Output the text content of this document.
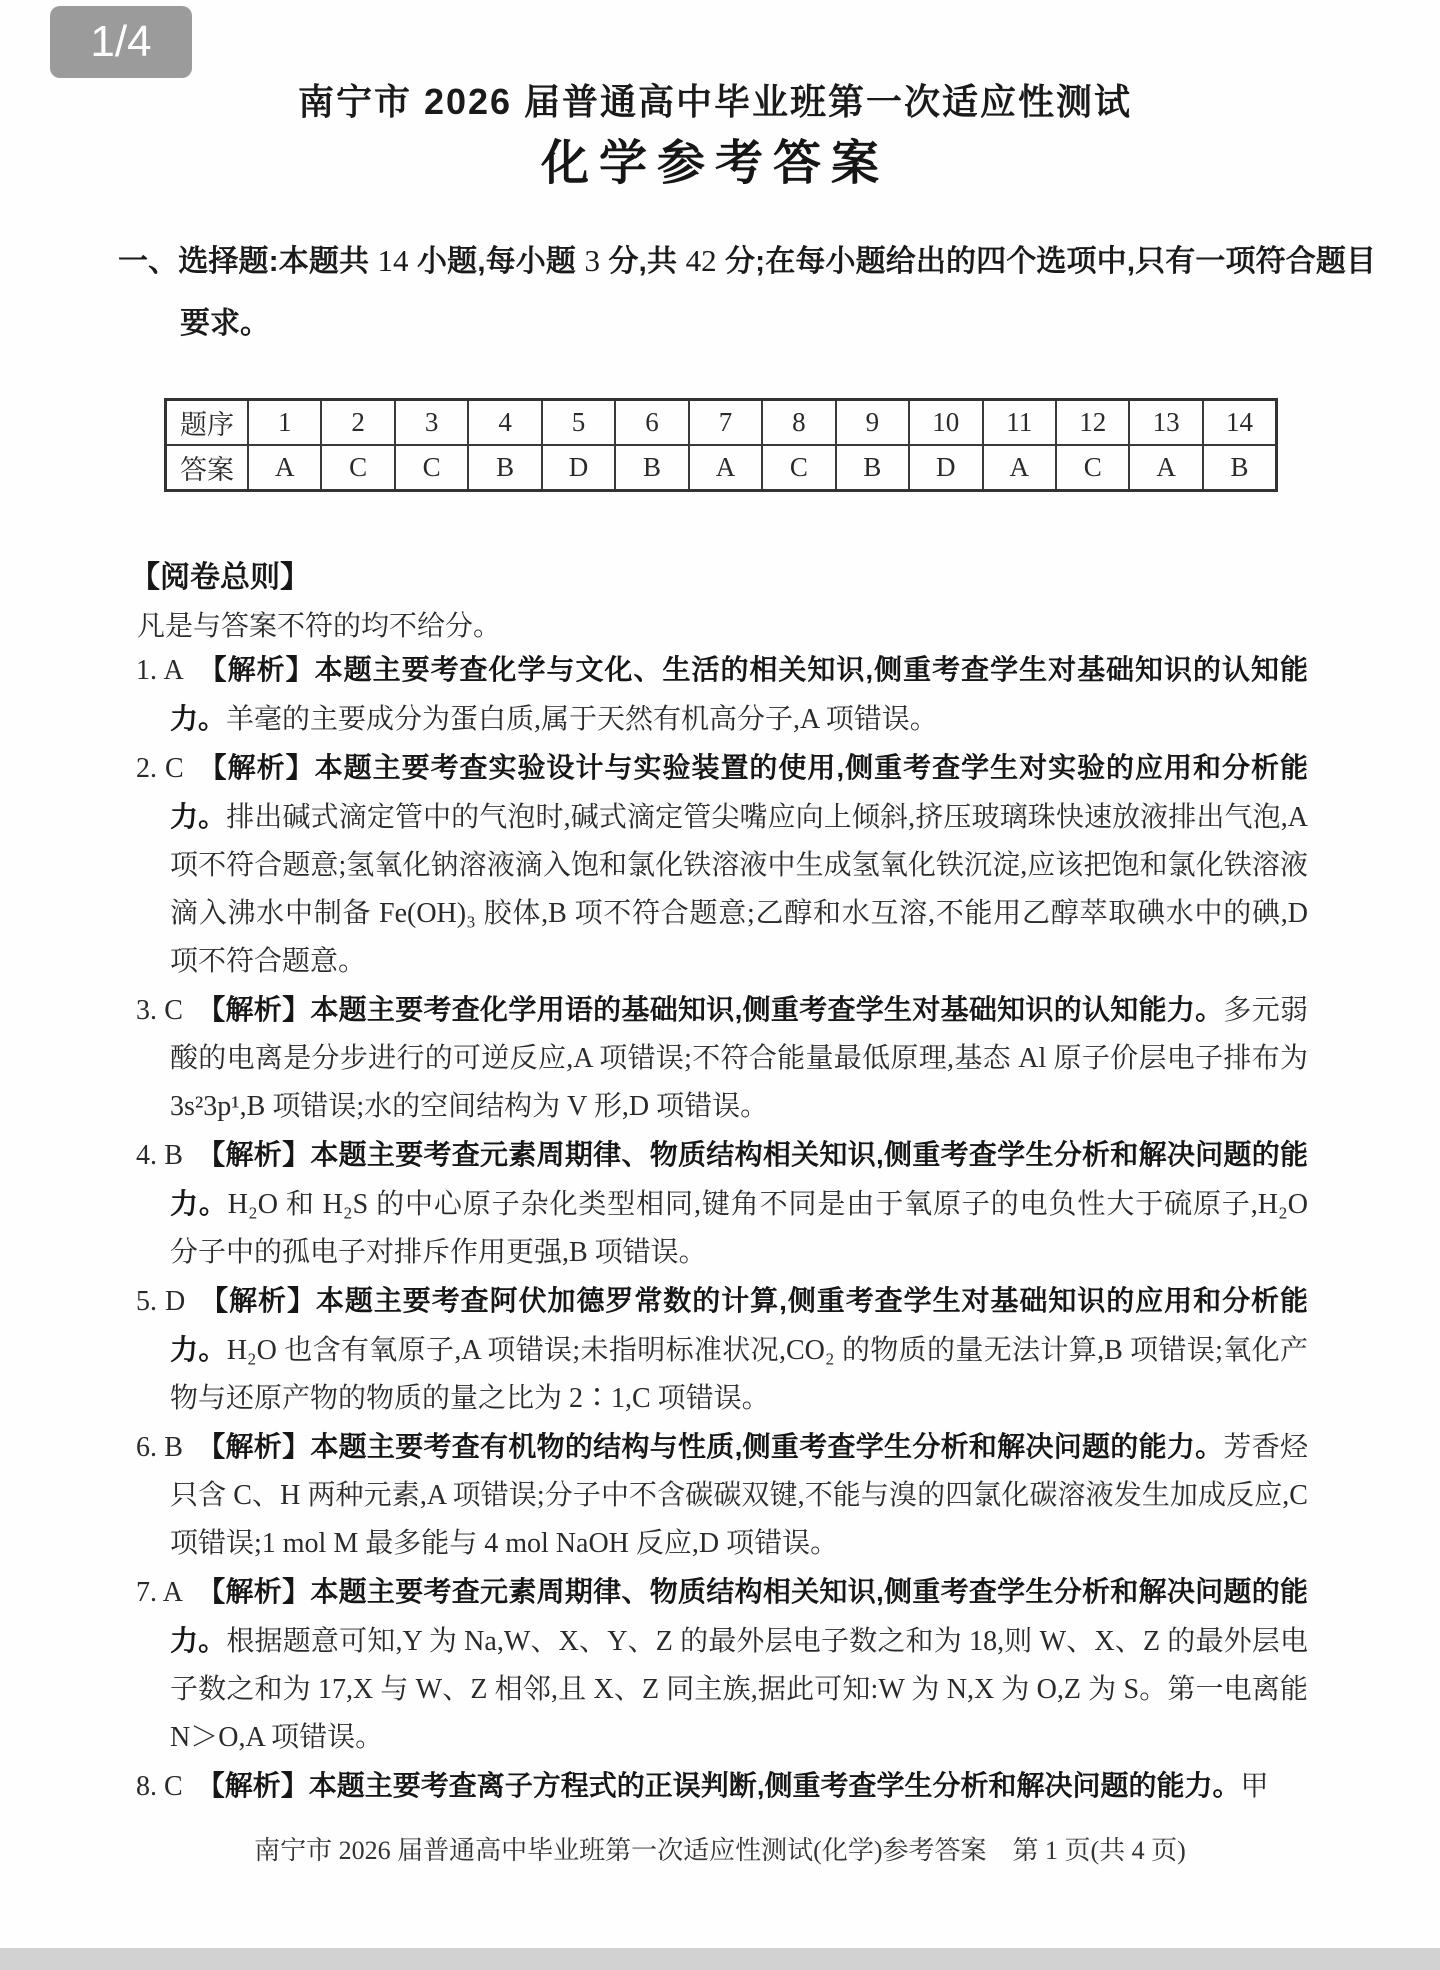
1/4
南宁市 2026 届普通高中毕业班第一次适应性测试
化学参考答案

一、选择题:本题共 14 小题,每小题 3 分,共 42 分;在每小题给出的四个选项中,只有一项符合题目要求。

题序	1	2	3	4	5	6	7	8	9	10	11	12	13	14
答案	A	C	C	B	D	B	A	C	B	D	A	C	A	B

【阅卷总则】

凡是与答案不符的均不给分。

1. A 【解析】本题主要考查化学与文化、生活的相关知识,侧重考查学生对基础知识的认知能力。羊毫的主要成分为蛋白质,属于天然有机高分子,A 项错误。

2. C 【解析】本题主要考查实验设计与实验装置的使用,侧重考查学生对实验的应用和分析能力。排出碱式滴定管中的气泡时,碱式滴定管尖嘴应向上倾斜,挤压玻璃珠快速放液排出气泡,A 项不符合题意;氢氧化钠溶液滴入饱和氯化铁溶液中生成氢氧化铁沉淀,应该把饱和氯化铁溶液滴入沸水中制备 Fe(OH)₃ 胶体,B 项不符合题意;乙醇和水互溶,不能用乙醇萃取碘水中的碘,D 项不符合题意。

3. C 【解析】本题主要考查化学用语的基础知识,侧重考查学生对基础知识的认知能力。多元弱酸的电离是分步进行的可逆反应,A 项错误;不符合能量最低原理,基态 Al 原子价层电子排布为 3s²3p¹,B 项错误;水的空间结构为 V 形,D 项错误。

4. B 【解析】本题主要考查元素周期律、物质结构相关知识,侧重考查学生分析和解决问题的能力。H₂O 和 H₂S 的中心原子杂化类型相同,键角不同是由于氧原子的电负性大于硫原子,H₂O 分子中的孤电子对排斥作用更强,B 项错误。

5. D 【解析】本题主要考查阿伏加德罗常数的计算,侧重考查学生对基础知识的应用和分析能力。H₂O 也含有氧原子,A 项错误;未指明标准状况,CO₂ 的物质的量无法计算,B 项错误;氧化产物与还原产物的物质的量之比为 2∶1,C 项错误。

6. B 【解析】本题主要考查有机物的结构与性质,侧重考查学生分析和解决问题的能力。芳香烃只含 C、H 两种元素,A 项错误;分子中不含碳碳双键,不能与溴的四氯化碳溶液发生加成反应,C 项错误;1 mol M 最多能与 4 mol NaOH 反应,D 项错误。

7. A 【解析】本题主要考查元素周期律、物质结构相关知识,侧重考查学生分析和解决问题的能力。根据题意可知,Y 为 Na,W、X、Y、Z 的最外层电子数之和为 18,则 W、X、Z 的最外层电子数之和为 17,X 与 W、Z 相邻,且 X、Z 同主族,据此可知:W 为 N,X 为 O,Z 为 S。第一电离能 N＞O,A 项错误。

8. C 【解析】本题主要考查离子方程式的正误判断,侧重考查学生分析和解决问题的能力。甲

南宁市 2026 届普通高中毕业班第一次适应性测试(化学)参考答案　第 1 页(共 4 页)
